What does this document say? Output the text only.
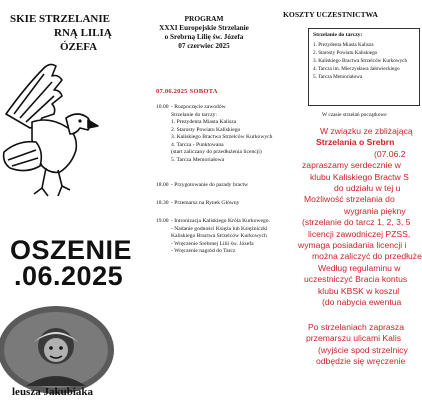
SKIE STRZELANIE
RNĄ LILIĄ
ÓZEFA
OSZENIE
.06.2025
leusza Jakubiaka
PROGRAM
XXXI Europejskie Strzelanie
o Srebrną Lilię św. Józefa
07 czerwiec 2025
07.06.2025 SOBOTA
10.00 - Rozpoczęcie zawodów
Strzelanie do tarczy:
1. Prezydenta Miasta Kalisza
2. Starosty Powiatu Kaliskiego
3. Kaliskiego Bractwa Strzelców Kurkowych
4. Tarcza - Punktowana
(start zaliczany do przedłużenia licencji)
5. Tarcza Memoriałowa
18.00 - Przygotowanie do parady bractw
18.30 - Przemarsz na Rynek Główny
19.00 - Intronizacja Kaliskiego Króla Kurkowego.
- Nadanie godności Księża lub Księżniczki
Kaliskiego Bractwa Strzelców Kurkowych
- Wręczenie Srebrnej Lilii św. Józefa
- Wręczenie nagród do Tarcz
KOSZTY UCZESTNICTWA
Strzelanie do tarczy:
1. Prezydenta Miasta Kalisza
2. Starosty Powiatu Kaliskiego
3. Kaliskiego Bractwa Strzelców Kurkowych
4. Tarcza im. Mieczysława Jałowieckiego
5. Tarcza Memoriałowa
W czasie strzelań początkowe
W związku ze zbliżającą
Strzelania o Srebrn
(07.06.2
zapraszamy serdecznie w
klubu Kaliskiego Bractw S
do udziału w tej u
Możliwość strzelania do
wygrania piękny
(strzelanie do tarcz 1, 2, 3, 5
licencji zawodniczej PZSS,
wymaga posiadania licencji i
można zaliczyć do przedłuże
Według regulaminu w
uczestniczyć Bracia kontus
klubu KBSK w koszul
(do nabycia ewentua
Po strzelaniach zaprasza
przemarszu ulicami Kalis
(wyjście spod strzelnicy
odbędzie się wręczenie
